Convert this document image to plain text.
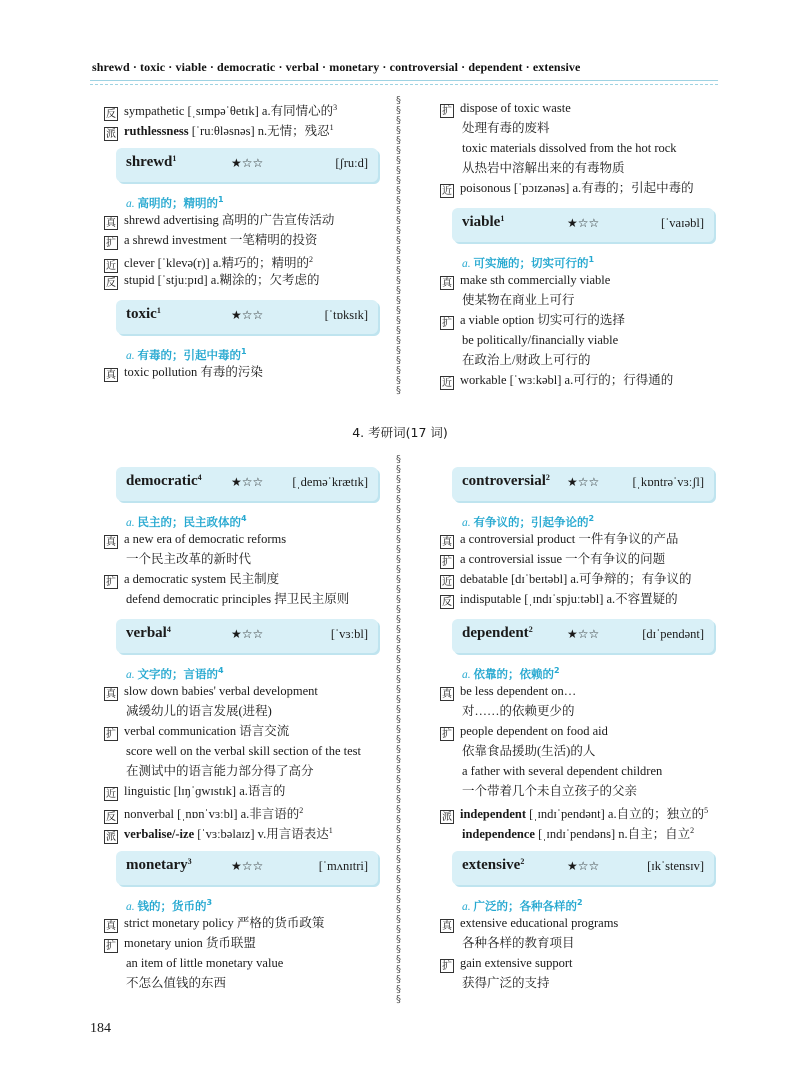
shrewd · toxic · viable · democratic · verbal · monetary · controversial · dependent · extensive
§
§
§
§
§
§
§
§
§
§
§
§
§
§
§
§
§
§
§
§
§
§
§
§
§
§
§
§
§
§
§
§
§
§
§
§
§
§
§
§
§
§
§
§
§
§
§
§
§
§
§
§
§
§
§
§
§
§
§
§
§
§
§
§
§
§
§
§
§
§
§
§
§
§
§
§
§
§
§
§
§
§
§
§
§
反 sympathetic [ˌsɪmpəˈθetɪk] a.有同情心的$^3$
派 ruthlessness [ˈruːθləsnəs] n.无情；残忍$^1$
shrewd$^1$	★☆☆	[ʃruːd]
a. 高明的；精明的$^1$
真 shrewd advertising 高明的广告宣传活动
扩 a shrewd investment 一笔精明的投资
近 clever [ˈklevə(r)] a.精巧的；精明的$^2$
反 stupid [ˈstjuːpɪd] a.糊涂的；欠考虑的
toxic$^1$	★☆☆	[ˈtɒksɪk]
a. 有毒的；引起中毒的$^1$
真 toxic pollution 有毒的污染
扩 dispose of toxic waste
处理有毒的废料
toxic materials dissolved from the hot rock
从热岩中溶解出来的有毒物质
近 poisonous [ˈpɔɪzənəs] a.有毒的；引起中毒的
viable$^1$	★☆☆	[ˈvaɪəbl]
a. 可实施的；切实可行的$^1$
真 make sth commercially viable
使某物在商业上可行
扩 a viable option 切实可行的选择
be politically/financially viable
在政治上/财政上可行的
近 workable [ˈwɜːkəbl] a.可行的；行得通的
4. 考研词(17 词)
democratic$^4$ ★☆☆ [ˌdeməˈkrætɪk]
a. 民主的；民主政体的$^4$
真 a new era of democratic reforms
一个民主改革的新时代
扩 a democratic system 民主制度
defend democratic principles 捍卫民主原则
verbal$^4$	★☆☆	[ˈvɜːbl]
a. 文字的；言语的$^4$
真 slow down babies' verbal development
减缓幼儿的语言发展(进程)
扩 verbal communication 语言交流
score well on the verbal skill section of the test
在测试中的语言能力部分得了高分
近 linguistic [lɪŋˈɡwɪstɪk] a.语言的
反 nonverbal [ˌnɒnˈvɜːbl] a.非言语的$^2$
派 verbalise/-ize [ˈvɜːbəlaɪz] v.用言语表达$^1$
monetary$^3$	★☆☆	[ˈmʌnɪtri]
a. 钱的；货币的$^3$
真 strict monetary policy 严格的货币政策
扩 monetary union 货币联盟
an item of little monetary value
不怎么值钱的东西
controversial$^2$ ★☆☆	[ˌkɒntrəˈvɜːʃl]
a. 有争议的；引起争论的$^2$
真 a controversial product 一件有争议的产品
扩 a controversial issue 一个有争议的问题
近 debatable [dɪˈbeɪtəbl] a.可争辩的；有争议的
反 indisputable [ˌɪndɪˈspjuːtəbl] a.不容置疑的
dependent$^2$	★☆☆	[dɪˈpendənt]
a. 依靠的；依赖的$^2$
真 be less dependent on…
对……的依赖更少的
扩 people dependent on food aid
依靠食品援助(生活)的人
a father with several dependent children
一个带着几个未自立孩子的父亲
派 independent [ˌɪndɪˈpendənt] a.自立的；独立的$^5$
independence [ˌɪndɪˈpendəns] n.自主；自立$^2$
extensive$^2$	★☆☆	[ɪkˈstensɪv]
a. 广泛的；各种各样的$^2$
真 extensive educational programs
各种各样的教育项目
扩 gain extensive support
获得广泛的支持
184
